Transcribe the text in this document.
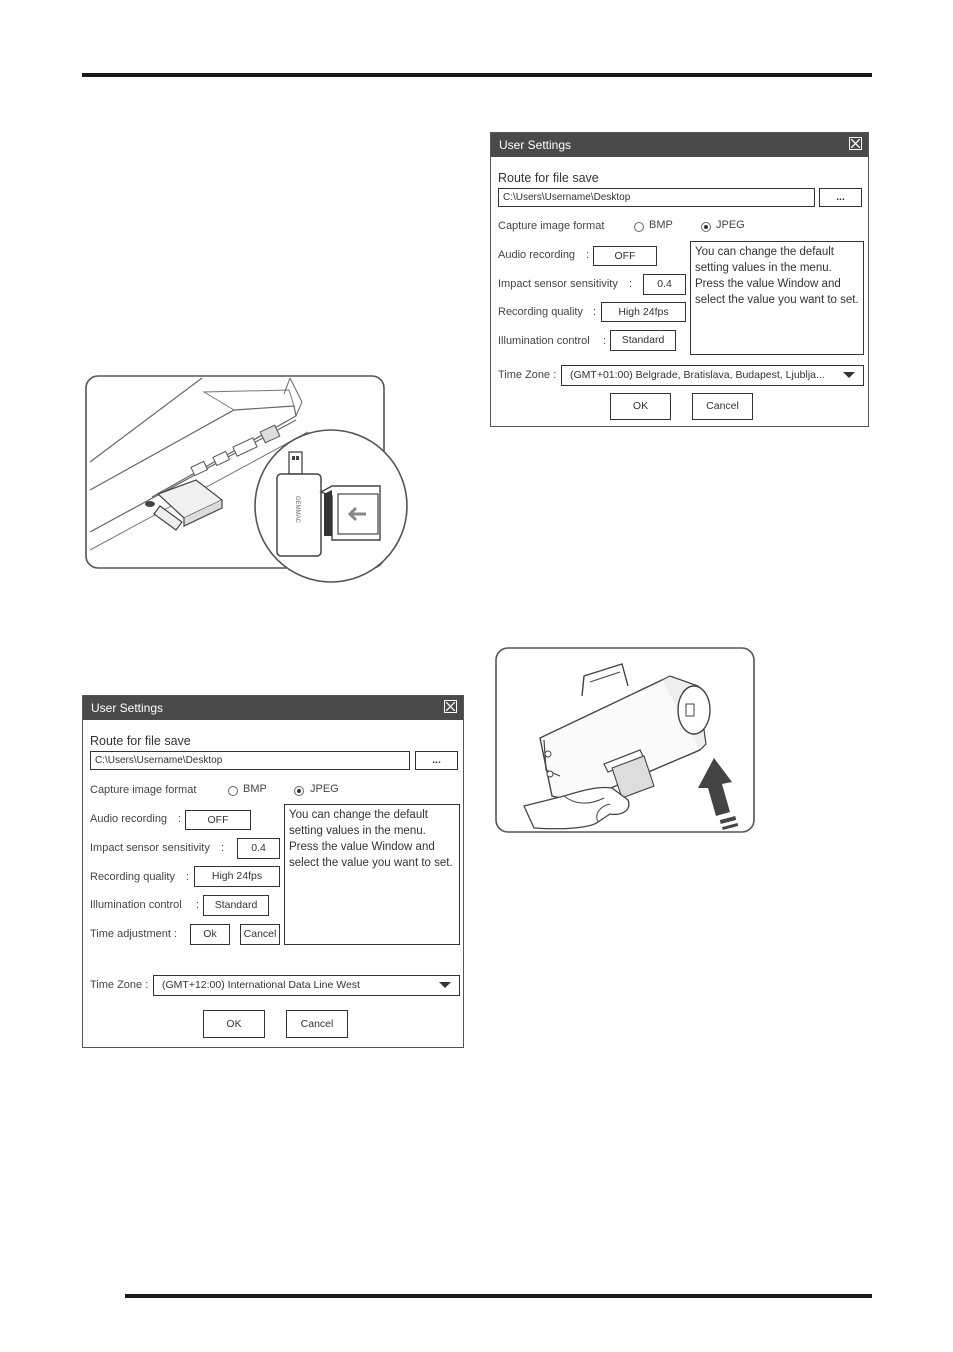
User Settings
Route for file save
C:\Users\Username\Desktop	...
Capture image format	BMP	JPEG
Audio recording :	OFF
Impact sensor sensitivity :	0.4
Recording quality :	High 24fps
Illumination control :	Standard
You can change the default setting values in the menu. Press the value Window and select the value you want to set.
Time Zone :	(GMT+01:00) Belgrade, Bratislava, Budapest, Ljublja...
OK	Cancel
User Settings
Route for file save
C:\Users\Username\Desktop	...
Capture image format	BMP	JPEG
Audio recording :	OFF
Impact sensor sensitivity :	0.4
Recording quality :	High 24fps
Illumination control :	Standard
Time adjustment :	Ok	Cancel
You can change the default setting values in the menu. Press the value Window and select the value you want to set.
Time Zone :	(GMT+12:00) International Data Line West
OK	Cancel
GEMMAC
